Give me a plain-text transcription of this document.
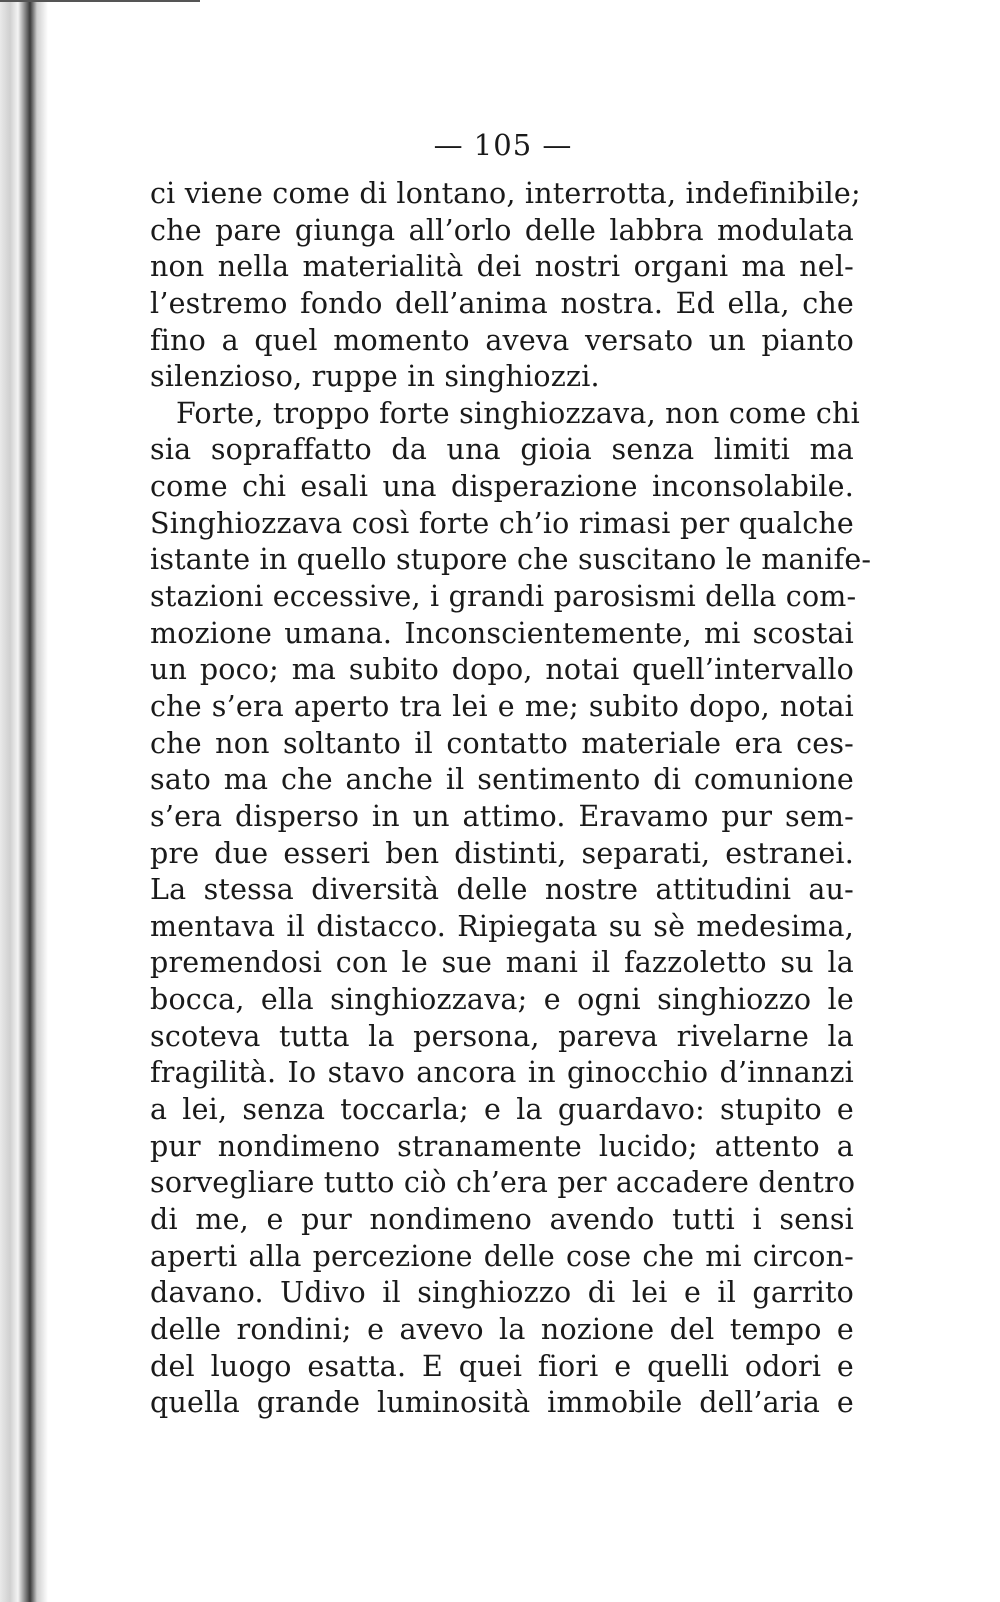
— 105 —
ci viene come di lontano, interrotta, indefinibile;
che pare giunga all’orlo delle labbra modulata
non nella materialità dei nostri organi ma nel-
l’estremo fondo dell’anima nostra. Ed ella, che
fino a quel momento aveva versato un pianto
silenzioso, ruppe in singhiozzi.
Forte, troppo forte singhiozzava, non come chi
sia sopraffatto da una gioia senza limiti ma
come chi esali una disperazione inconsolabile.
Singhiozzava così forte ch’io rimasi per qualche
istante in quello stupore che suscitano le manife-
stazioni eccessive, i grandi parosismi della com-
mozione umana. Inconscientemente, mi scostai
un poco; ma subito dopo, notai quell’intervallo
che s’era aperto tra lei e me; subito dopo, notai
che non soltanto il contatto materiale era ces-
sato ma che anche il sentimento di comunione
s’era disperso in un attimo. Eravamo pur sem-
pre due esseri ben distinti, separati, estranei.
La stessa diversità delle nostre attitudini au-
mentava il distacco. Ripiegata su sè medesima,
premendosi con le sue mani il fazzoletto su la
bocca, ella singhiozzava; e ogni singhiozzo le
scoteva tutta la persona, pareva rivelarne la
fragilità. Io stavo ancora in ginocchio d’innanzi
a lei, senza toccarla; e la guardavo: stupito e
pur nondimeno stranamente lucido; attento a
sorvegliare tutto ciò ch’era per accadere dentro
di me, e pur nondimeno avendo tutti i sensi
aperti alla percezione delle cose che mi circon-
davano. Udivo il singhiozzo di lei e il garrito
delle rondini; e avevo la nozione del tempo e
del luogo esatta. E quei fiori e quelli odori e
quella grande luminosità immobile dell’aria e
